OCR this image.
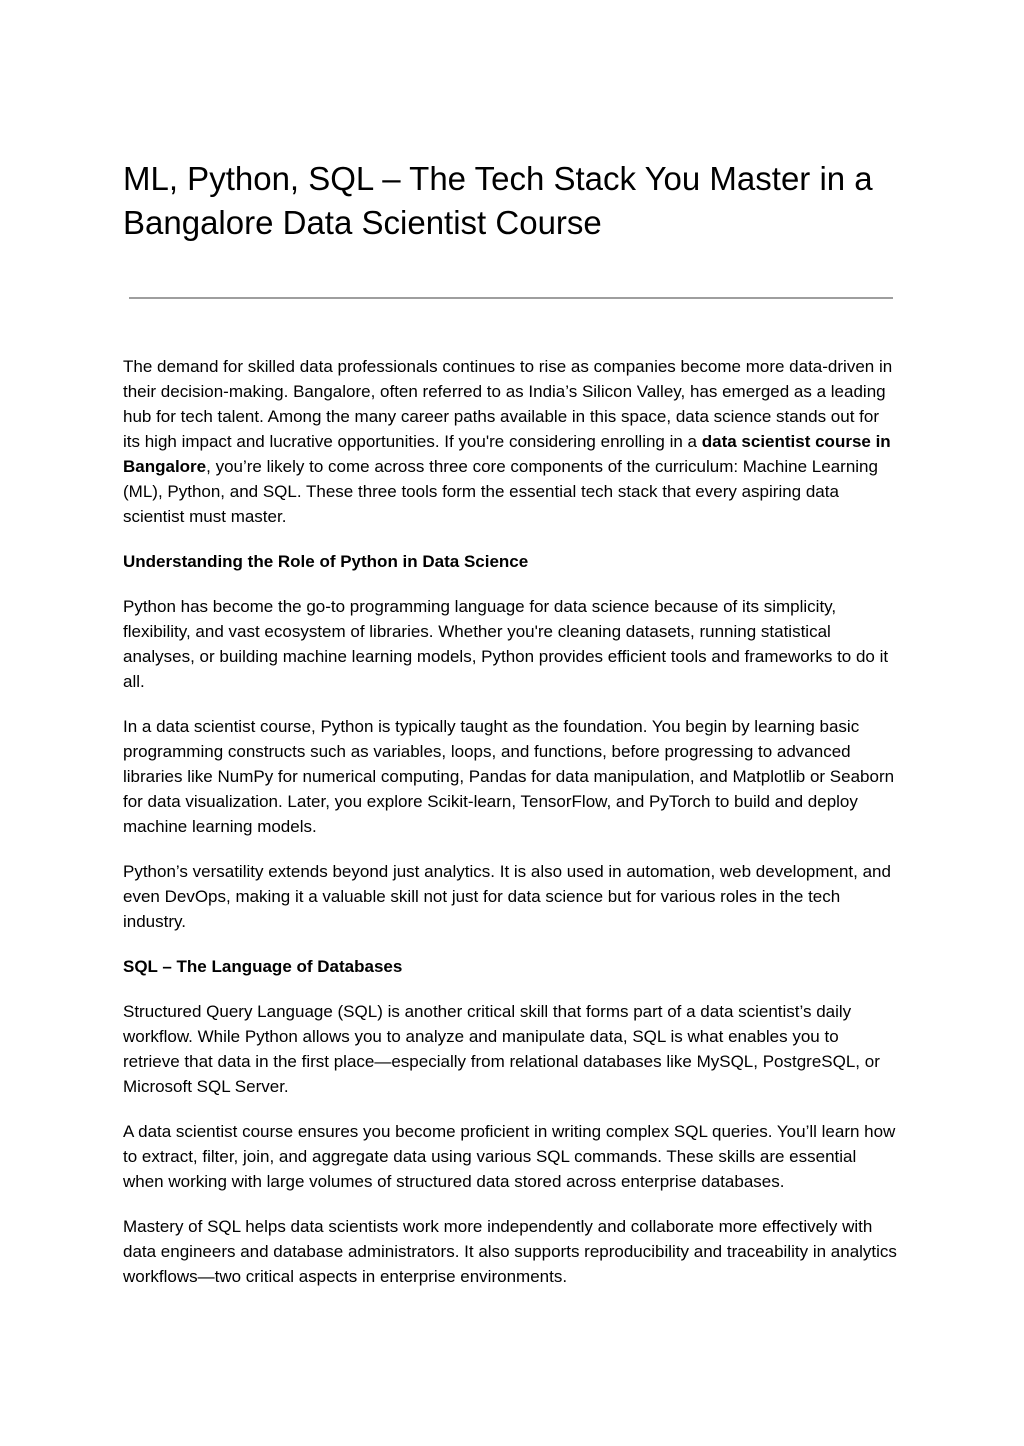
ML, Python, SQL – The Tech Stack You Master in a Bangalore Data Scientist Course

The demand for skilled data professionals continues to rise as companies become more data-driven in their decision-making. Bangalore, often referred to as India’s Silicon Valley, has emerged as a leading hub for tech talent. Among the many career paths available in this space, data science stands out for its high impact and lucrative opportunities. If you're considering enrolling in a data scientist course in Bangalore, you’re likely to come across three core components of the curriculum: Machine Learning (ML), Python, and SQL. These three tools form the essential tech stack that every aspiring data scientist must master.

Understanding the Role of Python in Data Science

Python has become the go-to programming language for data science because of its simplicity, flexibility, and vast ecosystem of libraries. Whether you're cleaning datasets, running statistical analyses, or building machine learning models, Python provides efficient tools and frameworks to do it all.

In a data scientist course, Python is typically taught as the foundation. You begin by learning basic programming constructs such as variables, loops, and functions, before progressing to advanced libraries like NumPy for numerical computing, Pandas for data manipulation, and Matplotlib or Seaborn for data visualization. Later, you explore Scikit-learn, TensorFlow, and PyTorch to build and deploy machine learning models.

Python’s versatility extends beyond just analytics. It is also used in automation, web development, and even DevOps, making it a valuable skill not just for data science but for various roles in the tech industry.

SQL – The Language of Databases

Structured Query Language (SQL) is another critical skill that forms part of a data scientist’s daily workflow. While Python allows you to analyze and manipulate data, SQL is what enables you to retrieve that data in the first place—especially from relational databases like MySQL, PostgreSQL, or Microsoft SQL Server.

A data scientist course ensures you become proficient in writing complex SQL queries. You’ll learn how to extract, filter, join, and aggregate data using various SQL commands. These skills are essential when working with large volumes of structured data stored across enterprise databases.

Mastery of SQL helps data scientists work more independently and collaborate more effectively with data engineers and database administrators. It also supports reproducibility and traceability in analytics workflows—two critical aspects in enterprise environments.
